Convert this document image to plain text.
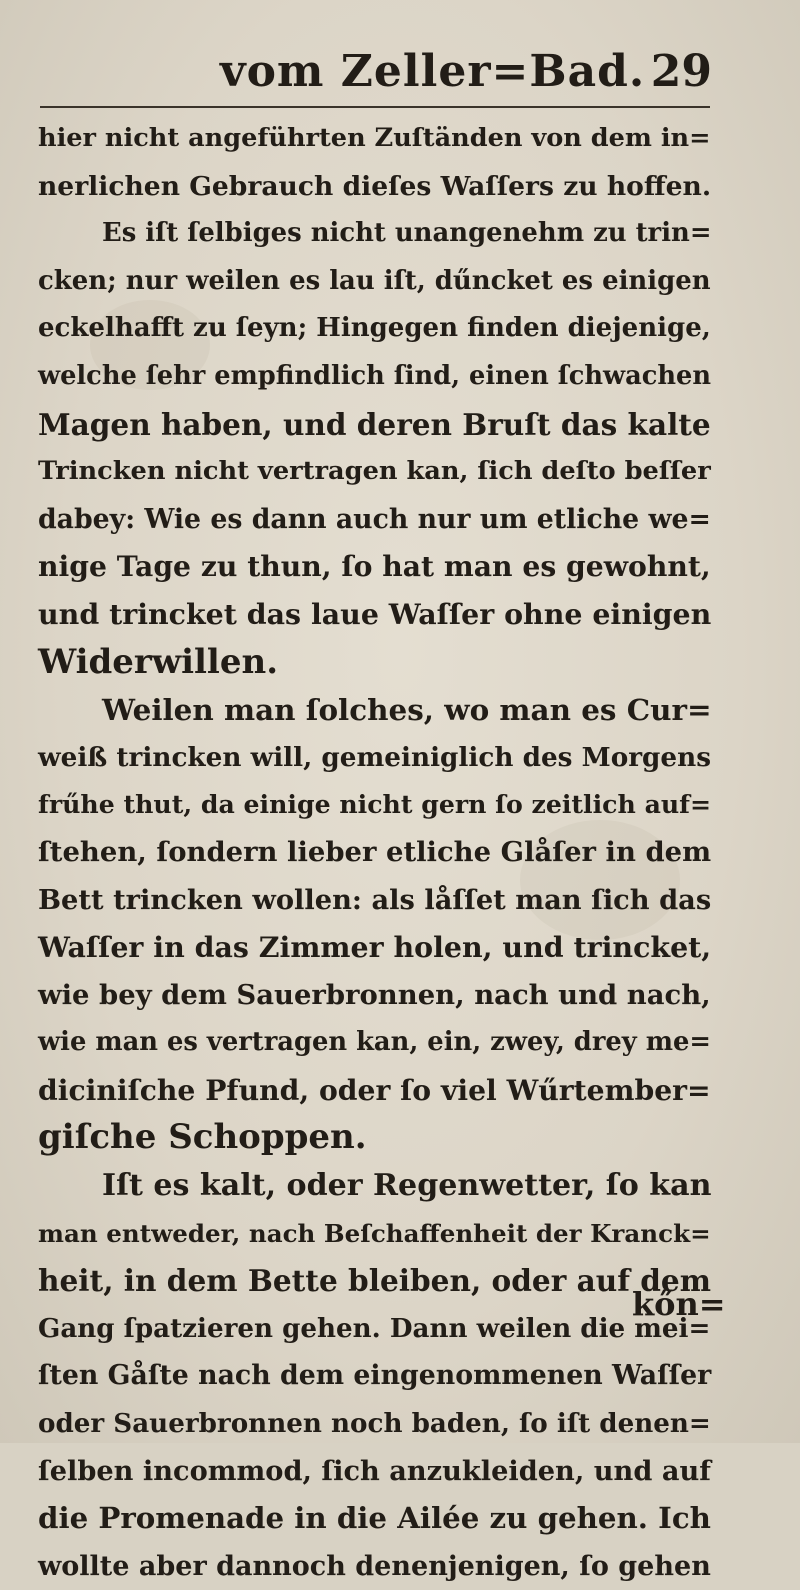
vom Zeller=Bad. 29
hier nicht angeführten Zuſtänden von dem in=
nerlichen Gebrauch dieſes Waſſers zu hoffen.
Es iſt ſelbiges nicht unangenehm zu trin=
cken; nur weilen es lau iſt, dűncket es einigen
eckelhafft zu ſeyn; Hingegen finden diejenige,
welche ſehr empfindlich ſind, einen ſchwachen
Magen haben, und deren Bruſt das kalte
Trincken nicht vertragen kan, ſich deſto beſſer
dabey: Wie es dann auch nur um etliche we=
nige Tage zu thun, ſo hat man es gewohnt,
und trincket das laue Waſſer ohne einigen
Widerwillen.
Weilen man ſolches, wo man es Cur=
weiß trincken will, gemeiniglich des Morgens
frűhe thut, da einige nicht gern ſo zeitlich auf=
ſtehen, ſondern lieber etliche Glåſer in dem
Bett trincken wollen: als låſſet man ſich das
Waſſer in das Zimmer holen, und trincket,
wie bey dem Sauerbronnen, nach und nach,
wie man es vertragen kan, ein, zwey, drey me=
diciniſche Pfund, oder ſo viel Wűrtember=
giſche Schoppen.
Iſt es kalt, oder Regenwetter, ſo kan
man entweder, nach Beſchaffenheit der Kranck=
heit, in dem Bette bleiben, oder auf dem
Gang ſpatzieren gehen. Dann weilen die mei=
ſten Gåſte nach dem eingenommenen Waſſer
oder Sauerbronnen noch baden, ſo iſt denen=
ſelben incommod, ſich anzukleiden, und auf
die Promenade in die Ailée zu gehen. Ich
wollte aber dannoch denenjenigen, ſo gehen
kőn=
